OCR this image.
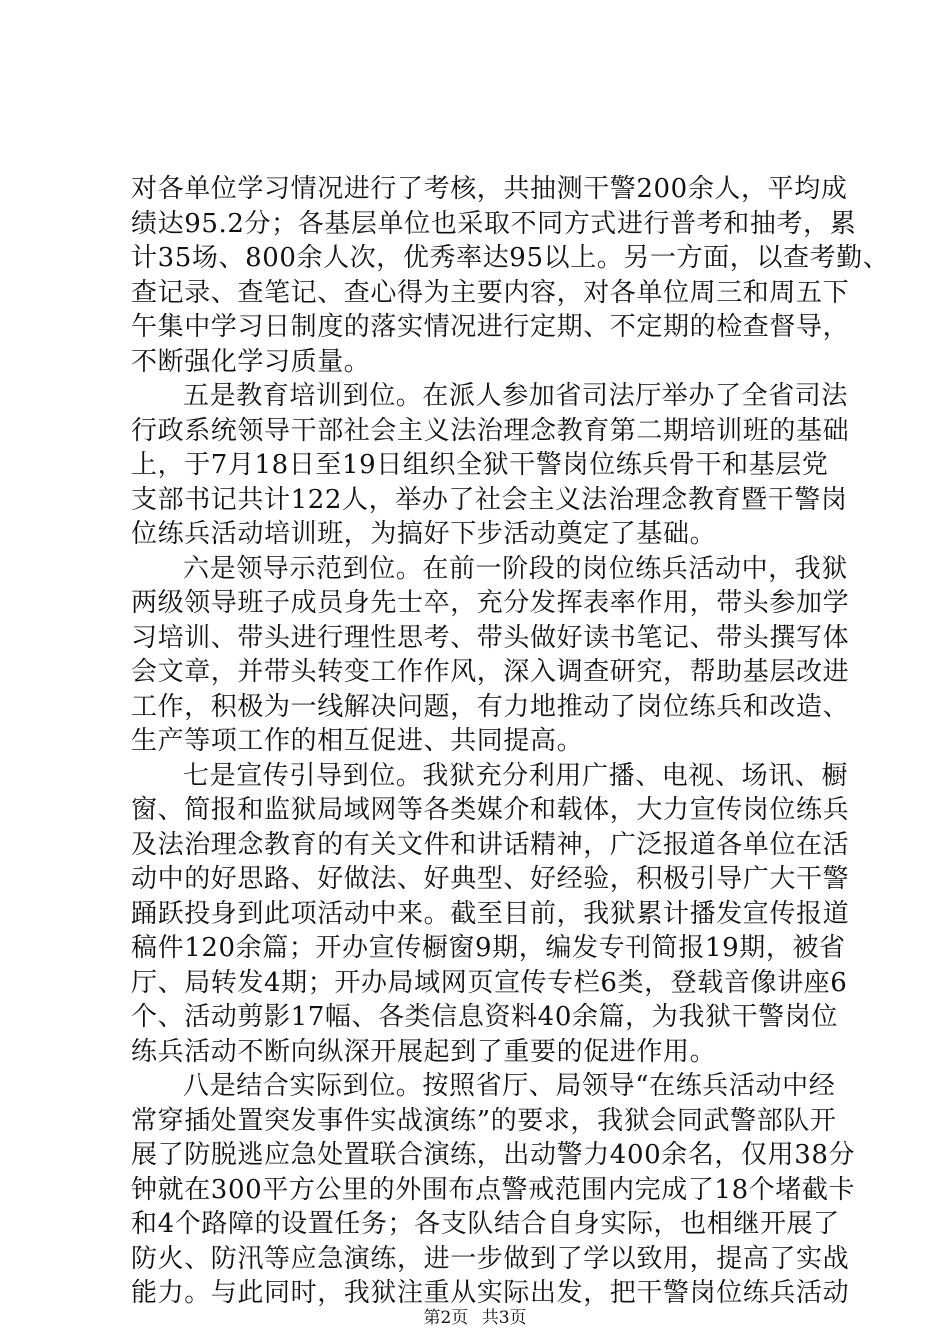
对各单位学习情况进行了考核，共抽测干警200余人，平均成
绩达95.2分；各基层单位也采取不同方式进行普考和抽考，累
计35场、800余人次，优秀率达95以上。另一方面，以查考勤、
查记录、查笔记、查心得为主要内容，对各单位周三和周五下
午集中学习日制度的落实情况进行定期、不定期的检查督导，
不断强化学习质量。
五是教育培训到位。在派人参加省司法厅举办了全省司法
行政系统领导干部社会主义法治理念教育第二期培训班的基础
上，于7月18日至19日组织全狱干警岗位练兵骨干和基层党
支部书记共计122人，举办了社会主义法治理念教育暨干警岗
位练兵活动培训班，为搞好下步活动奠定了基础。
六是领导示范到位。在前一阶段的岗位练兵活动中，我狱
两级领导班子成员身先士卒，充分发挥表率作用，带头参加学
习培训、带头进行理性思考、带头做好读书笔记、带头撰写体
会文章，并带头转变工作作风，深入调查研究，帮助基层改进
工作，积极为一线解决问题，有力地推动了岗位练兵和改造、
生产等项工作的相互促进、共同提高。
七是宣传引导到位。我狱充分利用广播、电视、场讯、橱
窗、简报和监狱局域网等各类媒介和载体，大力宣传岗位练兵
及法治理念教育的有关文件和讲话精神，广泛报道各单位在活
动中的好思路、好做法、好典型、好经验，积极引导广大干警
踊跃投身到此项活动中来。截至目前，我狱累计播发宣传报道
稿件120余篇；开办宣传橱窗9期，编发专刊简报19期，被省
厅、局转发4期；开办局域网页宣传专栏6类，登载音像讲座6
个、活动剪影17幅、各类信息资料40余篇，为我狱干警岗位
练兵活动不断向纵深开展起到了重要的促进作用。
八是结合实际到位。按照省厅、局领导“在练兵活动中经
常穿插处置突发事件实战演练”的要求，我狱会同武警部队开
展了防脱逃应急处置联合演练，出动警力400余名，仅用38分
钟就在300平方公里的外围布点警戒范围内完成了18个堵截卡
和4个路障的设置任务；各支队结合自身实际，也相继开展了
防火、防汛等应急演练，进一步做到了学以致用，提高了实战
能力。与此同时，我狱注重从实际出发，把干警岗位练兵活动
第2页 共3页
